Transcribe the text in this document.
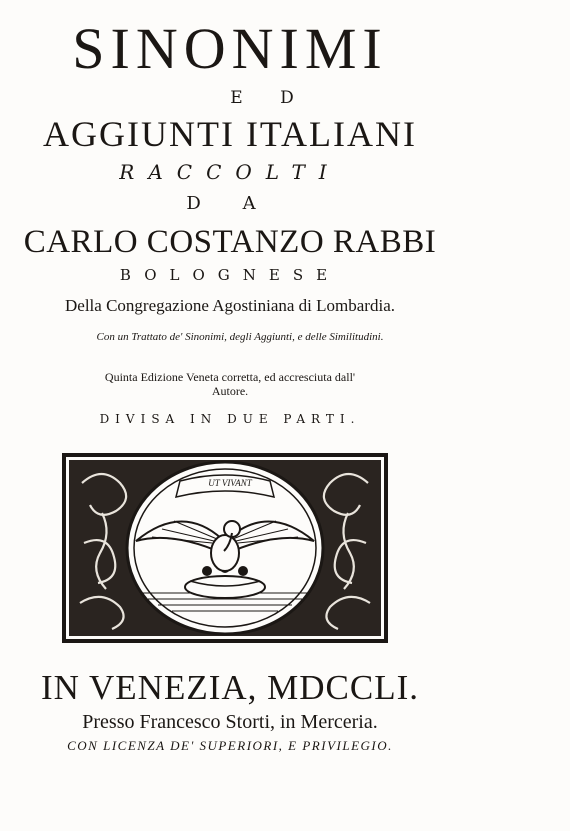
SINONIMI
E D
AGGIUNTI ITALIANI
RACCOLTI
D A
CARLO COSTANZO RABBI
BOLOGNESE
Della Congregazione Agostiniana di Lombardia.
Con un Trattato de' Sinonimi, degli Aggiunti, e delle Similitudini.
Quinta Edizione Veneta corretta, ed accresciuta dall' Autore.
DIVISA IN DUE PARTI.
UT VIVANT
IN VENEZIA, MDCCLI.
Presso Francesco Storti, in Merceria.
CON LICENZA DE' SUPERIORI, E PRIVILEGIO.
